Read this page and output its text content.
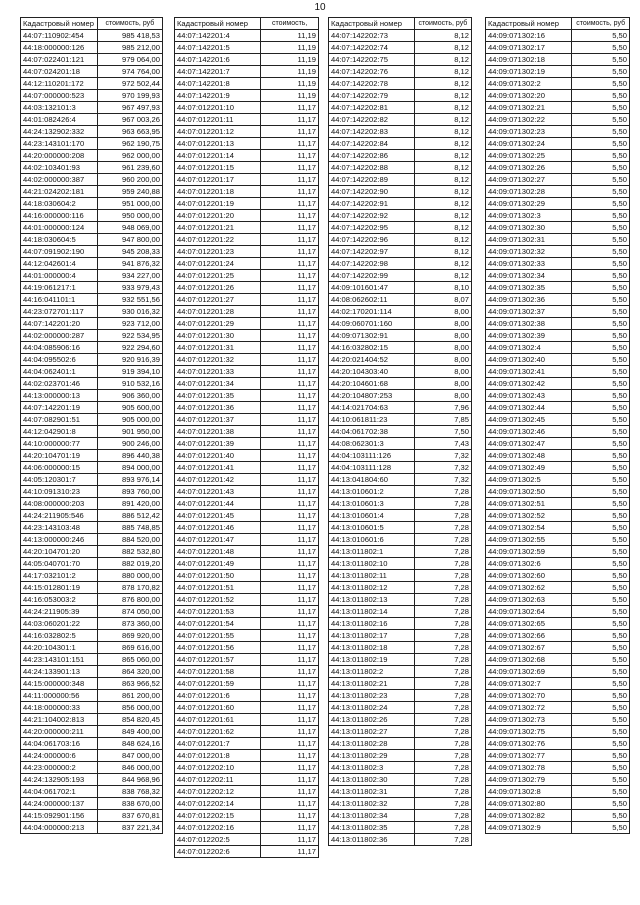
10
Кадастровый номер	стоимость, руб
44:07:110902:454	985 418,53
44:18:000000:126	985 212,00
44:07:022401:121	979 064,00
44:07:024201:18	974 764,00
44:12:110201:172	972 502,44
44:07:000000:523	970 199,93
44:03:132101:3	967 497,93
44:01:082426:4	967 003,26
44:24:132902:332	963 663,95
44:23:143101:170	962 190,75
44:20:000000:208	962 000,00
44:02:103401:93	961 239,60
44:02:000000:387	960 200,00
44:21:024202:181	959 240,88
44:18:030604:2	951 000,00
44:16:000000:116	950 000,00
44:01:000000:124	948 069,00
44:18:030604:5	947 800,00
44:07:091902:190	945 208,33
44:12:042601:4	941 876,32
44:01:000000:4	934 227,00
44:19:061217:1	933 979,43
44:16:041101:1	932 551,56
44:23:072701:117	930 016,32
44:07:142201:20	923 712,00
44:02:000000:287	922 534,95
44:04:085906:16	922 294,60
44:04:095502:6	920 916,39
44:04:062401:1	919 394,10
44:02:023701:46	910 532,16
44:13:000000:13	906 360,00
44:07:142201:19	905 600,00
44:07:082901:51	905 000,00
44:12:042901:8	901 950,00
44:10:000000:77	900 246,00
44:20:104701:19	896 440,38
44:06:000000:15	894 000,00
44:05:120301:7	893 976,14
44:10:091310:23	893 760,00
44:08:000000:203	891 420,00
44:24:211905:546	886 512,42
44:23:143103:48	885 748,85
44:13:000000:246	884 520,00
44:20:104701:20	882 532,80
44:05:040701:70	882 019,20
44:17:032101:2	880 000,00
44:15:012801:19	878 170,82
44:16:053003:2	876 800,00
44:24:211905:39	874 050,00
44:03:060201:22	873 360,00
44:16:032802:5	869 920,00
44:20:104301:1	869 616,00
44:23:143101:151	865 060,00
44:24:133901:13	864 320,00
44:15:000000:348	863 966,52
44:11:000000:56	861 200,00
44:18:000000:33	856 000,00
44:21:104002:813	854 820,45
44:20:000000:211	849 400,00
44:04:061703:16	848 624,16
44:24:000000:6	847 000,00
44:23:000000:2	846 000,00
44:24:132905:193	844 968,96
44:04:061702:1	838 768,32
44:24:000000:137	838 670,00
44:15:092901:156	837 670,81
44:04:000000:213	837 221,34
Кадастровый номер	стоимость,
44:07:142201:4	11,19
44:07:142201:5	11,19
44:07:142201:6	11,19
44:07:142201:7	11,19
44:07:142201:8	11,19
44:07:142201:9	11,19
44:07:012201:10	11,17
44:07:012201:11	11,17
44:07:012201:12	11,17
44:07:012201:13	11,17
44:07:012201:14	11,17
44:07:012201:15	11,17
44:07:012201:17	11,17
44:07:012201:18	11,17
44:07:012201:19	11,17
44:07:012201:20	11,17
44:07:012201:21	11,17
44:07:012201:22	11,17
44:07:012201:23	11,17
44:07:012201:24	11,17
44:07:012201:25	11,17
44:07:012201:26	11,17
44:07:012201:27	11,17
44:07:012201:28	11,17
44:07:012201:29	11,17
44:07:012201:30	11,17
44:07:012201:31	11,17
44:07:012201:32	11,17
44:07:012201:33	11,17
44:07:012201:34	11,17
44:07:012201:35	11,17
44:07:012201:36	11,17
44:07:012201:37	11,17
44:07:012201:38	11,17
44:07:012201:39	11,17
44:07:012201:40	11,17
44:07:012201:41	11,17
44:07:012201:42	11,17
44:07:012201:43	11,17
44:07:012201:44	11,17
44:07:012201:45	11,17
44:07:012201:46	11,17
44:07:012201:47	11,17
44:07:012201:48	11,17
44:07:012201:49	11,17
44:07:012201:50	11,17
44:07:012201:51	11,17
44:07:012201:52	11,17
44:07:012201:53	11,17
44:07:012201:54	11,17
44:07:012201:55	11,17
44:07:012201:56	11,17
44:07:012201:57	11,17
44:07:012201:58	11,17
44:07:012201:59	11,17
44:07:012201:6	11,17
44:07:012201:60	11,17
44:07:012201:61	11,17
44:07:012201:62	11,17
44:07:012201:7	11,17
44:07:012201:8	11,17
44:07:012202:10	11,17
44:07:012202:11	11,17
44:07:012202:12	11,17
44:07:012202:14	11,17
44:07:012202:15	11,17
44:07:012202:16	11,17
44:07:012202:5	11,17
44:07:012202:6	11,17
Кадастровый номер	стоимость, руб
44:07:142202:73	8,12
44:07:142202:74	8,12
44:07:142202:75	8,12
44:07:142202:76	8,12
44:07:142202:78	8,12
44:07:142202:79	8,12
44:07:142202:81	8,12
44:07:142202:82	8,12
44:07:142202:83	8,12
44:07:142202:84	8,12
44:07:142202:86	8,12
44:07:142202:88	8,12
44:07:142202:89	8,12
44:07:142202:90	8,12
44:07:142202:91	8,12
44:07:142202:92	8,12
44:07:142202:95	8,12
44:07:142202:96	8,12
44:07:142202:97	8,12
44:07:142202:98	8,12
44:07:142202:99	8,12
44:09:101601:47	8,10
44:08:062602:11	8,07
44:02:170201:114	8,00
44:09:060701:160	8,00
44:09:071302:91	8,00
44:16:032802:15	8,00
44:20:021404:52	8,00
44:20:104303:40	8,00
44:20:104601:68	8,00
44:20:104807:253	8,00
44:14:021704:63	7,96
44:10:061811:23	7,85
44:04:061702:38	7,50
44:08:062301:3	7,43
44:04:103111:126	7,32
44:04:103111:128	7,32
44:13:041804:60	7,32
44:13:010601:2	7,28
44:13:010601:3	7,28
44:13:010601:4	7,28
44:13:010601:5	7,28
44:13:010601:6	7,28
44:13:011802:1	7,28
44:13:011802:10	7,28
44:13:011802:11	7,28
44:13:011802:12	7,28
44:13:011802:13	7,28
44:13:011802:14	7,28
44:13:011802:16	7,28
44:13:011802:17	7,28
44:13:011802:18	7,28
44:13:011802:19	7,28
44:13:011802:2	7,28
44:13:011802:21	7,28
44:13:011802:23	7,28
44:13:011802:24	7,28
44:13:011802:26	7,28
44:13:011802:27	7,28
44:13:011802:28	7,28
44:13:011802:29	7,28
44:13:011802:3	7,28
44:13:011802:30	7,28
44:13:011802:31	7,28
44:13:011802:32	7,28
44:13:011802:34	7,28
44:13:011802:35	7,28
44:13:011802:36	7,28
Кадастровый номер	стоимость, руб
44:09:071302:16	5,50
44:09:071302:17	5,50
44:09:071302:18	5,50
44:09:071302:19	5,50
44:09:071302:2	5,50
44:09:071302:20	5,50
44:09:071302:21	5,50
44:09:071302:22	5,50
44:09:071302:23	5,50
44:09:071302:24	5,50
44:09:071302:25	5,50
44:09:071302:26	5,50
44:09:071302:27	5,50
44:09:071302:28	5,50
44:09:071302:29	5,50
44:09:071302:3	5,50
44:09:071302:30	5,50
44:09:071302:31	5,50
44:09:071302:32	5,50
44:09:071302:33	5,50
44:09:071302:34	5,50
44:09:071302:35	5,50
44:09:071302:36	5,50
44:09:071302:37	5,50
44:09:071302:38	5,50
44:09:071302:39	5,50
44:09:071302:4	5,50
44:09:071302:40	5,50
44:09:071302:41	5,50
44:09:071302:42	5,50
44:09:071302:43	5,50
44:09:071302:44	5,50
44:09:071302:45	5,50
44:09:071302:46	5,50
44:09:071302:47	5,50
44:09:071302:48	5,50
44:09:071302:49	5,50
44:09:071302:5	5,50
44:09:071302:50	5,50
44:09:071302:51	5,50
44:09:071302:52	5,50
44:09:071302:54	5,50
44:09:071302:55	5,50
44:09:071302:59	5,50
44:09:071302:6	5,50
44:09:071302:60	5,50
44:09:071302:62	5,50
44:09:071302:63	5,50
44:09:071302:64	5,50
44:09:071302:65	5,50
44:09:071302:66	5,50
44:09:071302:67	5,50
44:09:071302:68	5,50
44:09:071302:69	5,50
44:09:071302:7	5,50
44:09:071302:70	5,50
44:09:071302:72	5,50
44:09:071302:73	5,50
44:09:071302:75	5,50
44:09:071302:76	5,50
44:09:071302:77	5,50
44:09:071302:78	5,50
44:09:071302:79	5,50
44:09:071302:8	5,50
44:09:071302:80	5,50
44:09:071302:82	5,50
44:09:071302:9	5,50
